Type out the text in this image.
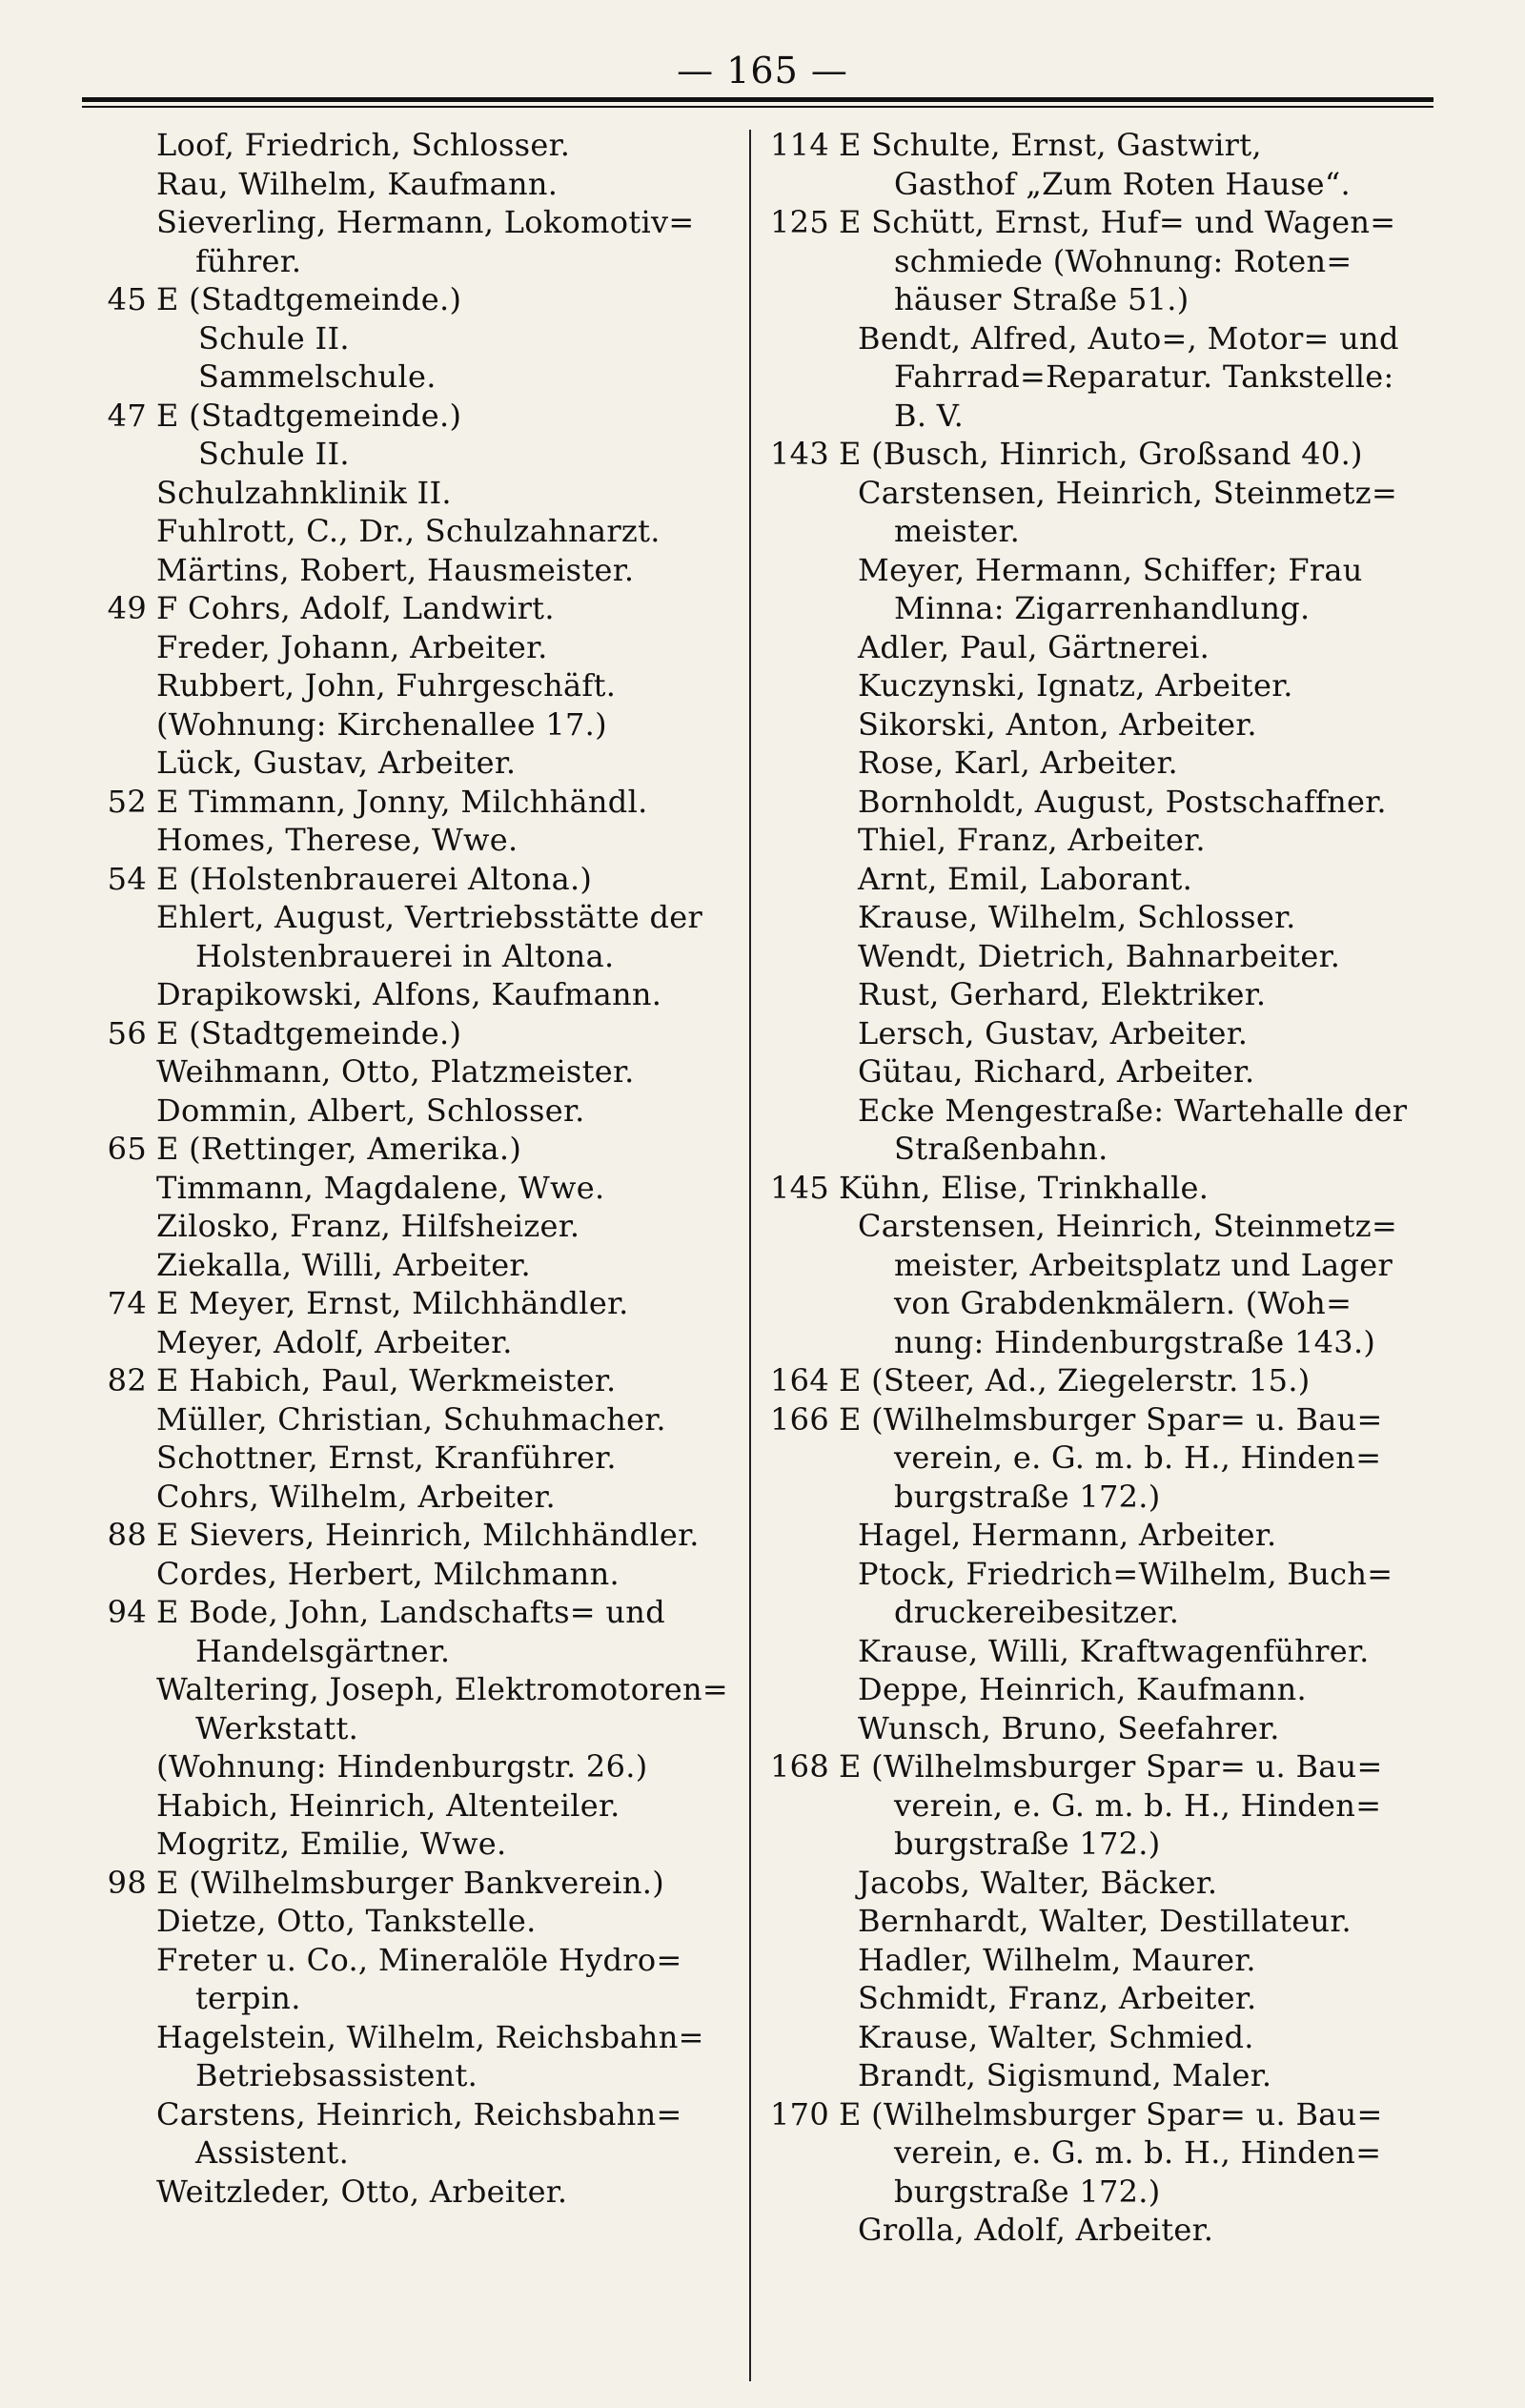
— 165 —
Loof, Friedrich, Schlosser.
Rau, Wilhelm, Kaufmann.
Sieverling, Hermann, Lokomotiv=
führer.
45 E (Stadtgemeinde.)
Schule II.
Sammelschule.
47 E (Stadtgemeinde.)
Schule II.
Schulzahnklinik II.
Fuhlrott, C., Dr., Schulzahnarzt.
Märtins, Robert, Hausmeister.
49 F Cohrs, Adolf, Landwirt.
Freder, Johann, Arbeiter.
Rubbert, John, Fuhrgeschäft.
(Wohnung: Kirchenallee 17.)
Lück, Gustav, Arbeiter.
52 E Timmann, Jonny, Milchhändl.
Homes, Therese, Wwe.
54 E (Holstenbrauerei Altona.)
Ehlert, August, Vertriebsstätte der
Holstenbrauerei in Altona.
Drapikowski, Alfons, Kaufmann.
56 E (Stadtgemeinde.)
Weihmann, Otto, Platzmeister.
Dommin, Albert, Schlosser.
65 E (Rettinger, Amerika.)
Timmann, Magdalene, Wwe.
Zilosko, Franz, Hilfsheizer.
Ziekalla, Willi, Arbeiter.
74 E Meyer, Ernst, Milchhändler.
Meyer, Adolf, Arbeiter.
82 E Habich, Paul, Werkmeister.
Müller, Christian, Schuhmacher.
Schottner, Ernst, Kranführer.
Cohrs, Wilhelm, Arbeiter.
88 E Sievers, Heinrich, Milchhändler.
Cordes, Herbert, Milchmann.
94 E Bode, John, Landschafts= und
Handelsgärtner.
Waltering, Joseph, Elektromotoren=
Werkstatt.
(Wohnung: Hindenburgstr. 26.)
Habich, Heinrich, Altenteiler.
Mogritz, Emilie, Wwe.
98 E (Wilhelmsburger Bankverein.)
Dietze, Otto, Tankstelle.
Freter u. Co., Mineralöle Hydro=
terpin.
Hagelstein, Wilhelm, Reichsbahn=
Betriebsassistent.
Carstens, Heinrich, Reichsbahn=
Assistent.
Weitzleder, Otto, Arbeiter.
114 E Schulte, Ernst, Gastwirt,
Gasthof „Zum Roten Hause“.
125 E Schütt, Ernst, Huf= und Wagen=
schmiede (Wohnung: Roten=
häuser Straße 51.)
Bendt, Alfred, Auto=, Motor= und
Fahrrad=Reparatur. Tankstelle:
B. V.
143 E (Busch, Hinrich, Großsand 40.)
Carstensen, Heinrich, Steinmetz=
meister.
Meyer, Hermann, Schiffer; Frau
Minna: Zigarrenhandlung.
Adler, Paul, Gärtnerei.
Kuczynski, Ignatz, Arbeiter.
Sikorski, Anton, Arbeiter.
Rose, Karl, Arbeiter.
Bornholdt, August, Postschaffner.
Thiel, Franz, Arbeiter.
Arnt, Emil, Laborant.
Krause, Wilhelm, Schlosser.
Wendt, Dietrich, Bahnarbeiter.
Rust, Gerhard, Elektriker.
Lersch, Gustav, Arbeiter.
Gütau, Richard, Arbeiter.
Ecke Mengestraße: Wartehalle der
Straßenbahn.
145 Kühn, Elise, Trinkhalle.
Carstensen, Heinrich, Steinmetz=
meister, Arbeitsplatz und Lager
von Grabdenkmälern. (Woh=
nung: Hindenburgstraße 143.)
164 E (Steer, Ad., Ziegelerstr. 15.)
166 E (Wilhelmsburger Spar= u. Bau=
verein, e. G. m. b. H., Hinden=
burgstraße 172.)
Hagel, Hermann, Arbeiter.
Ptock, Friedrich=Wilhelm, Buch=
druckereibesitzer.
Krause, Willi, Kraftwagenführer.
Deppe, Heinrich, Kaufmann.
Wunsch, Bruno, Seefahrer.
168 E (Wilhelmsburger Spar= u. Bau=
verein, e. G. m. b. H., Hinden=
burgstraße 172.)
Jacobs, Walter, Bäcker.
Bernhardt, Walter, Destillateur.
Hadler, Wilhelm, Maurer.
Schmidt, Franz, Arbeiter.
Krause, Walter, Schmied.
Brandt, Sigismund, Maler.
170 E (Wilhelmsburger Spar= u. Bau=
verein, e. G. m. b. H., Hinden=
burgstraße 172.)
Grolla, Adolf, Arbeiter.
